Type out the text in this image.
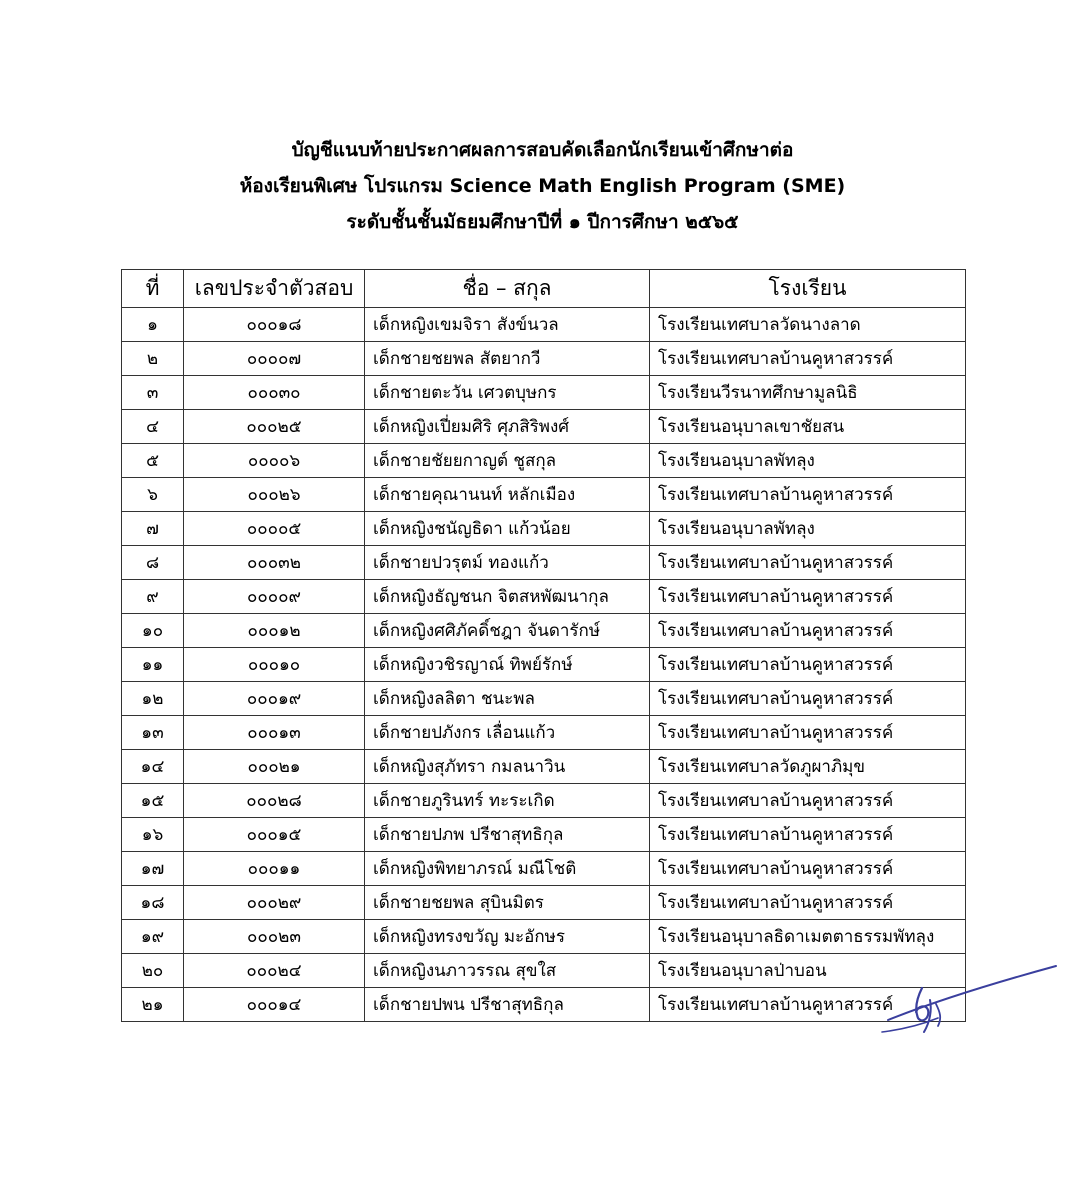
บัญชีแนบท้ายประกาศผลการสอบคัดเลือกนักเรียนเข้าศึกษาต่อ
ห้องเรียนพิเศษ โปรแกรม Science Math English Program (SME)
ระดับชั้นชั้นมัธยมศึกษาปีที่ ๑ ปีการศึกษา ๒๕๖๕
ที่	เลขประจำตัวสอบ	ชื่อ – สกุล	โรงเรียน
๑	๐๐๐๑๘	เด็กหญิงเขมจิรา สังข์นวล	โรงเรียนเทศบาลวัดนางลาด
๒	๐๐๐๐๗	เด็กชายชยพล สัตยากวี	โรงเรียนเทศบาลบ้านคูหาสวรรค์
๓	๐๐๐๓๐	เด็กชายตะวัน เศวตบุษกร	โรงเรียนวีรนาทศึกษามูลนิธิ
๔	๐๐๐๒๕	เด็กหญิงเปี่ยมศิริ ศุภสิริพงศ์	โรงเรียนอนุบาลเขาชัยสน
๕	๐๐๐๐๖	เด็กชายชัยยกาญต์ ชูสกุล	โรงเรียนอนุบาลพัทลุง
๖	๐๐๐๒๖	เด็กชายคุณานนท์ หลักเมือง	โรงเรียนเทศบาลบ้านคูหาสวรรค์
๗	๐๐๐๐๕	เด็กหญิงชนัญธิดา แก้วน้อย	โรงเรียนอนุบาลพัทลุง
๘	๐๐๐๓๒	เด็กชายปวรุตม์ ทองแก้ว	โรงเรียนเทศบาลบ้านคูหาสวรรค์
๙	๐๐๐๐๙	เด็กหญิงธัญชนก จิตสหพัฒนากุล	โรงเรียนเทศบาลบ้านคูหาสวรรค์
๑๐	๐๐๐๑๒	เด็กหญิงศศิภัคดิ์ชฎา จันดารักษ์	โรงเรียนเทศบาลบ้านคูหาสวรรค์
๑๑	๐๐๐๑๐	เด็กหญิงวชิรญาณ์ ทิพย์รักษ์	โรงเรียนเทศบาลบ้านคูหาสวรรค์
๑๒	๐๐๐๑๙	เด็กหญิงลลิตา ชนะพล	โรงเรียนเทศบาลบ้านคูหาสวรรค์
๑๓	๐๐๐๑๓	เด็กชายปภังกร เลื่อนแก้ว	โรงเรียนเทศบาลบ้านคูหาสวรรค์
๑๔	๐๐๐๒๑	เด็กหญิงสุภัทรา กมลนาวิน	โรงเรียนเทศบาลวัดภูผาภิมุข
๑๕	๐๐๐๒๘	เด็กชายภูรินทร์ ทะระเกิด	โรงเรียนเทศบาลบ้านคูหาสวรรค์
๑๖	๐๐๐๑๕	เด็กชายปภพ ปรีชาสุทธิกุล	โรงเรียนเทศบาลบ้านคูหาสวรรค์
๑๗	๐๐๐๑๑	เด็กหญิงพิทยาภรณ์ มณีโชติ	โรงเรียนเทศบาลบ้านคูหาสวรรค์
๑๘	๐๐๐๒๙	เด็กชายชยพล สุบินมิตร	โรงเรียนเทศบาลบ้านคูหาสวรรค์
๑๙	๐๐๐๒๓	เด็กหญิงทรงขวัญ มะอักษร	โรงเรียนอนุบาลธิดาเมตตาธรรมพัทลุง
๒๐	๐๐๐๒๔	เด็กหญิงนภาวรรณ สุขใส	โรงเรียนอนุบาลป่าบอน
๒๑	๐๐๐๑๔	เด็กชายปพน ปรีชาสุทธิกุล	โรงเรียนเทศบาลบ้านคูหาสวรรค์
